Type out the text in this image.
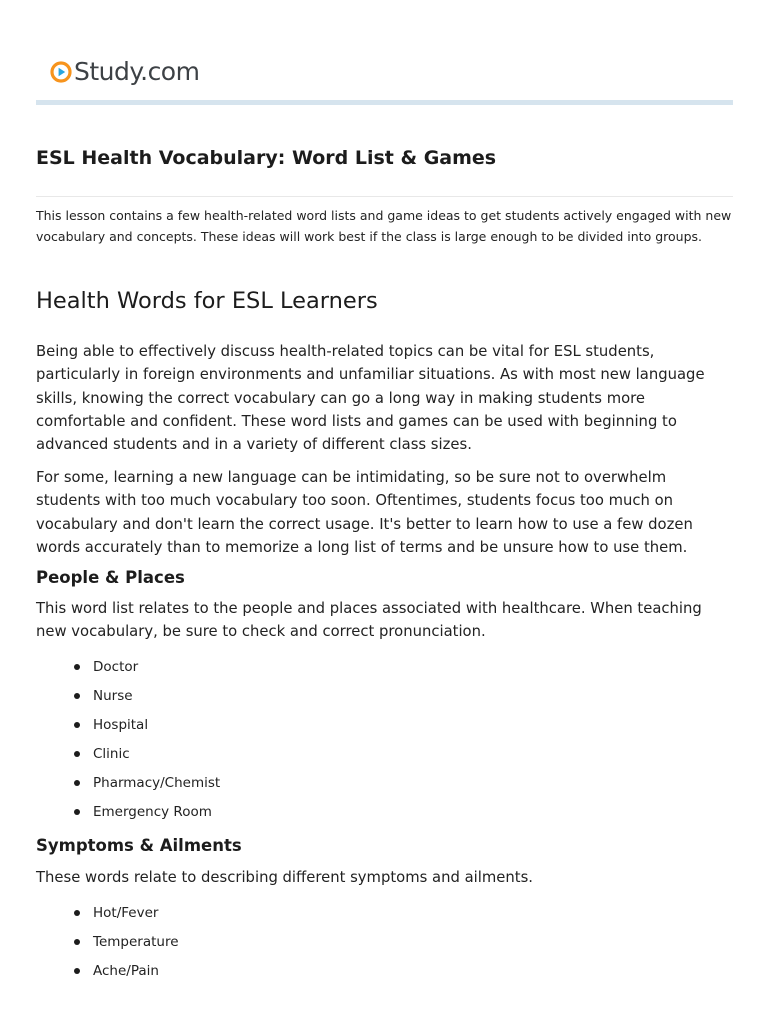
Study.com
ESL Health Vocabulary: Word List & Games

This lesson contains a few health-related word lists and game ideas to get students actively engaged with new vocabulary and concepts. These ideas will work best if the class is large enough to be divided into groups.

Health Words for ESL Learners

Being able to effectively discuss health-related topics can be vital for ESL students, particularly in foreign environments and unfamiliar situations. As with most new language skills, knowing the correct vocabulary can go a long way in making students more comfortable and confident. These word lists and games can be used with beginning to advanced students and in a variety of different class sizes.

For some, learning a new language can be intimidating, so be sure not to overwhelm students with too much vocabulary too soon. Oftentimes, students focus too much on vocabulary and don't learn the correct usage. It's better to learn how to use a few dozen words accurately than to memorize a long list of terms and be unsure how to use them.

People & Places

This word list relates to the people and places associated with healthcare. When teaching new vocabulary, be sure to check and correct pronunciation.

Doctor
Nurse
Hospital
Clinic
Pharmacy/Chemist
Emergency Room
Symptoms & Ailments

These words relate to describing different symptoms and ailments.

Hot/Fever
Temperature
Ache/Pain
